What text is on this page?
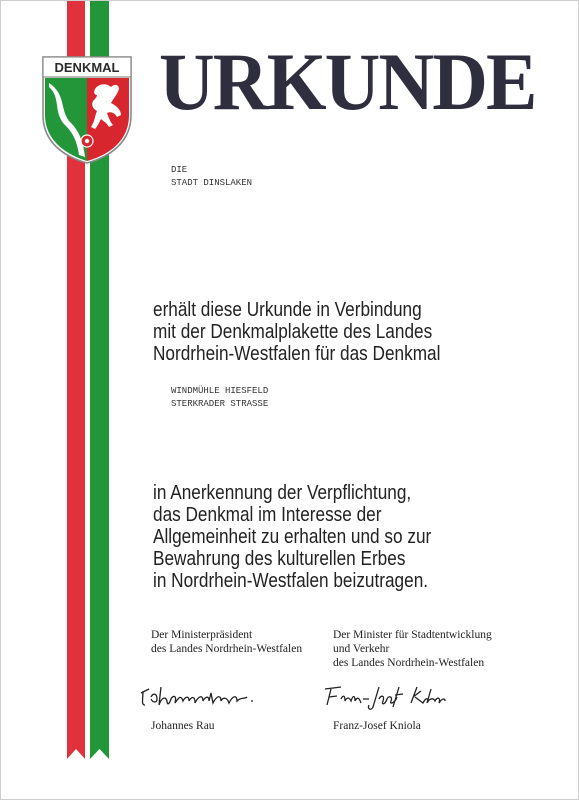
DENKMAL URKUNDE
DIE
STADT DINSLAKEN
erhält diese Urkunde in Verbindung
mit der Denkmalplakette des Landes
Nordrhein-Westfalen für das Denkmal
WINDMÜHLE HIESFELD
STERKRADER STRASSE
in Anerkennung der Verpflichtung,
das Denkmal im Interesse der
Allgemeinheit zu erhalten und so zur
Bewahrung des kulturellen Erbes
in Nordrhein-Westfalen beizutragen.
Der Ministerpräsident
des Landes Nordrhein-Westfalen
Johannes Rau
Der Minister für Stadtentwicklung
und Verkehr
des Landes Nordrhein-Westfalen
Franz-Josef Kniola
